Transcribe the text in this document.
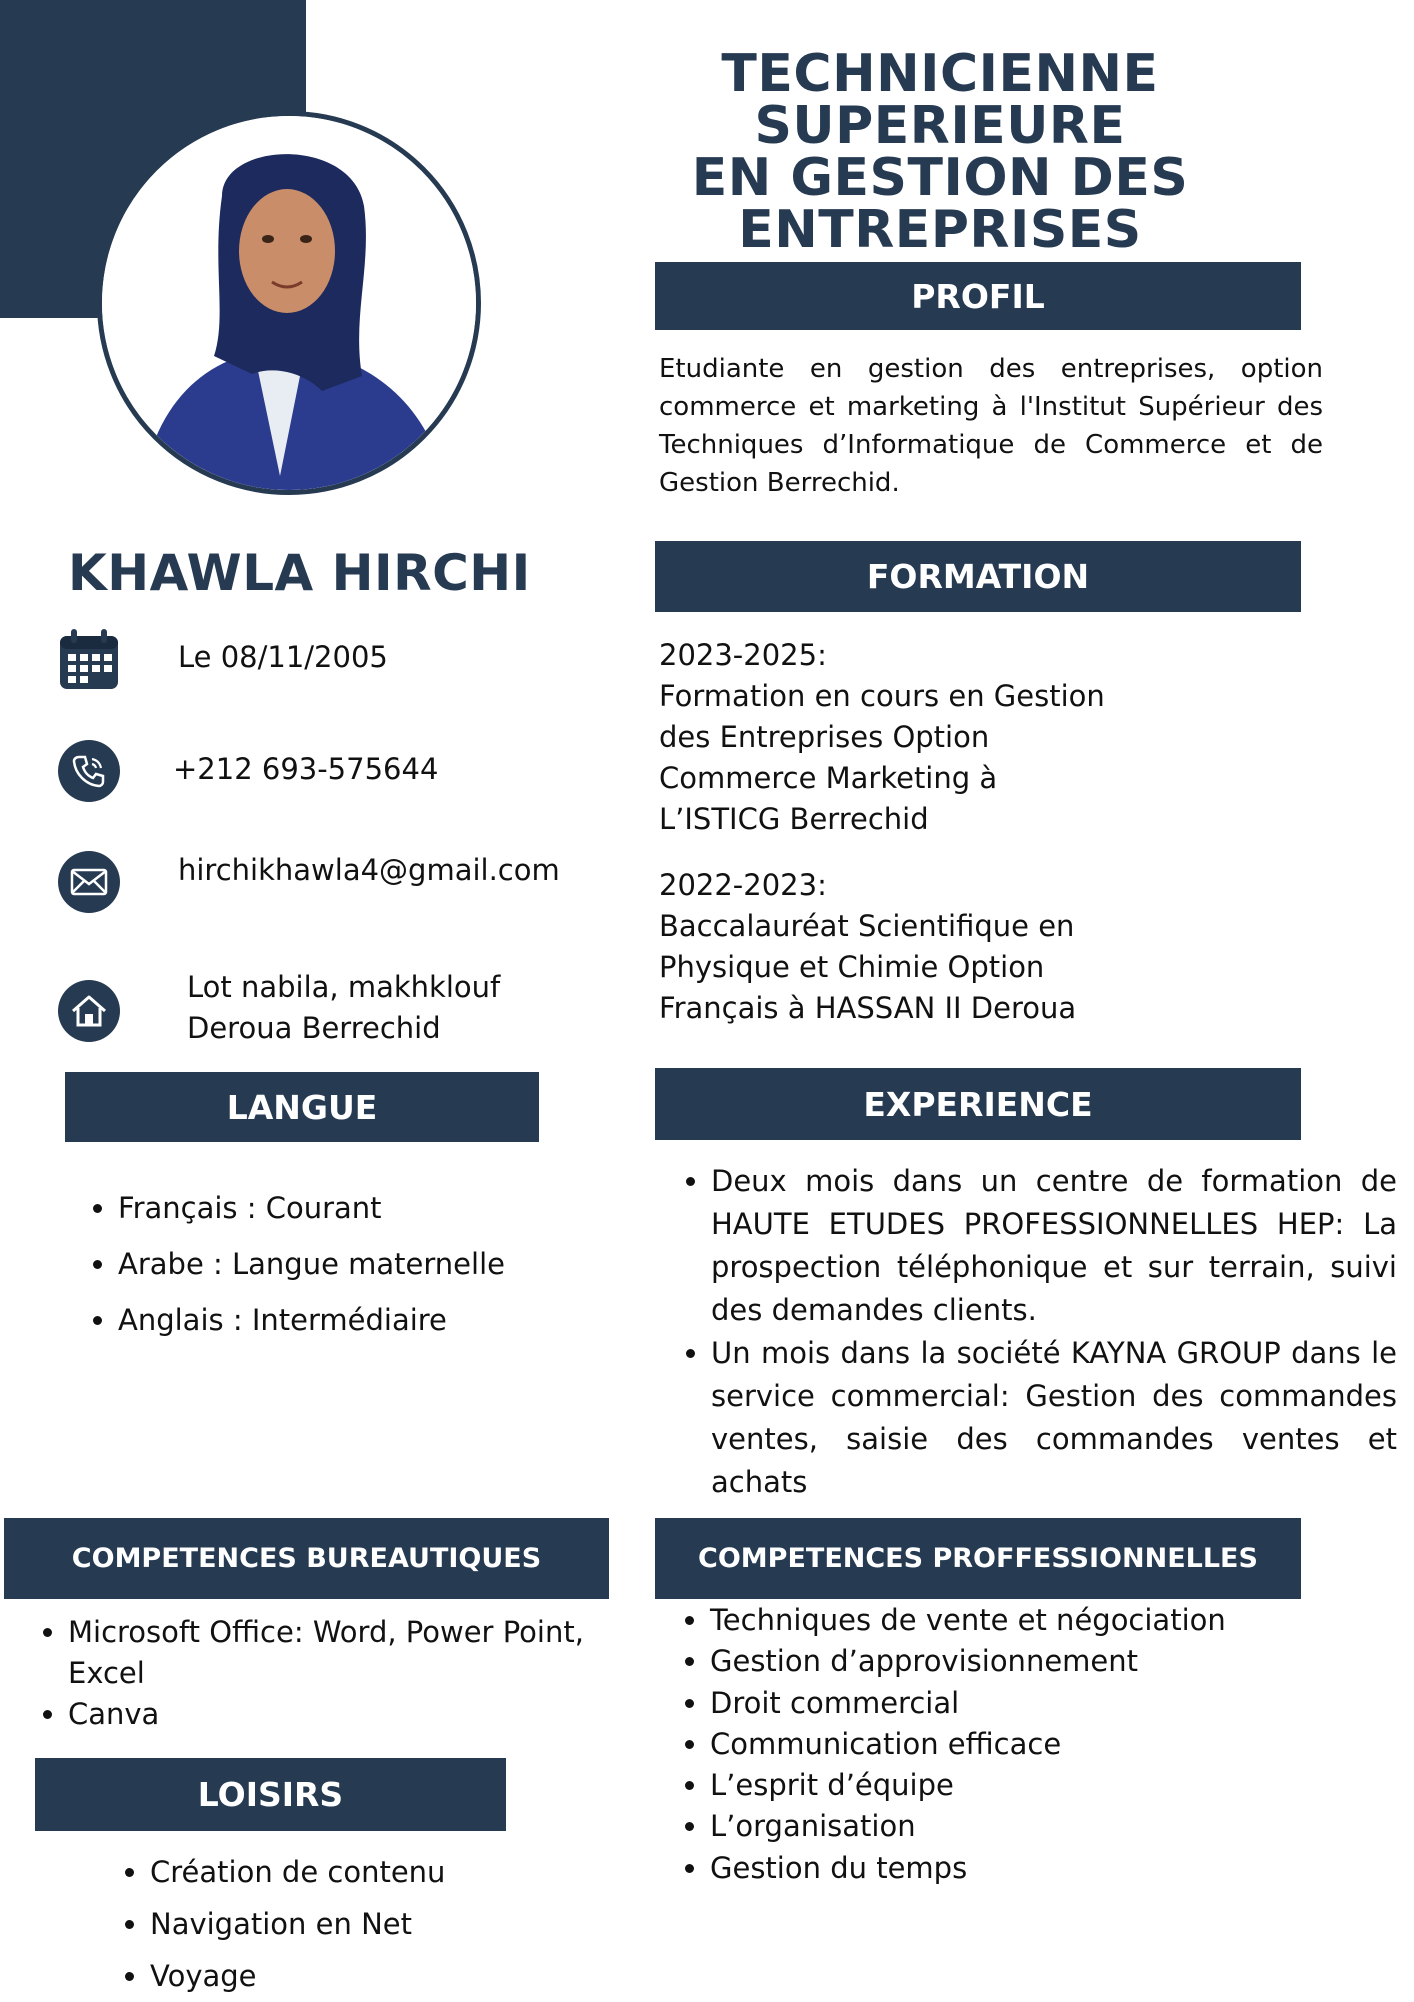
TECHNICIENNE SUPERIEURE
EN GESTION DES
ENTREPRISES
PROFIL
Etudiante en gestion des entreprises, option commerce et marketing à l'Institut Supérieur des Techniques d’Informatique de Commerce et de Gestion Berrechid.
KHAWLA HIRCHI
Le 08/11/2005
+212 693-575644
hirchikhawla4@gmail.com
Lot nabila, makhklouf
Deroua Berrechid
FORMATION
2023-2025:
Formation en cours en Gestion
des Entreprises Option
Commerce Marketing à
L’ISTICG Berrechid
2022-2023:
Baccalauréat Scientifique en
Physique et Chimie Option
Français à HASSAN II Deroua
LANGUE
• Français : Courant
• Arabe : Langue maternelle
• Anglais : Intermédiaire
EXPERIENCE
• Deux mois dans un centre de formation de HAUTE ETUDES PROFESSIONNELLES HEP: La prospection téléphonique et sur terrain, suivi des demandes clients.
• Un mois dans la société KAYNA GROUP dans le service commercial: Gestion des commandes ventes, saisie des commandes ventes et achats
COMPETENCES BUREAUTIQUES
• Microsoft Office: Word, Power Point, Excel
• Canva
COMPETENCES PROFFESSIONNELLES
• Techniques de vente et négociation
• Gestion d’approvisionnement
• Droit commercial
• Communication efficace
• L’esprit d’équipe
• L’organisation
• Gestion du temps
LOISIRS
• Création de contenu
• Navigation en Net
• Voyage
